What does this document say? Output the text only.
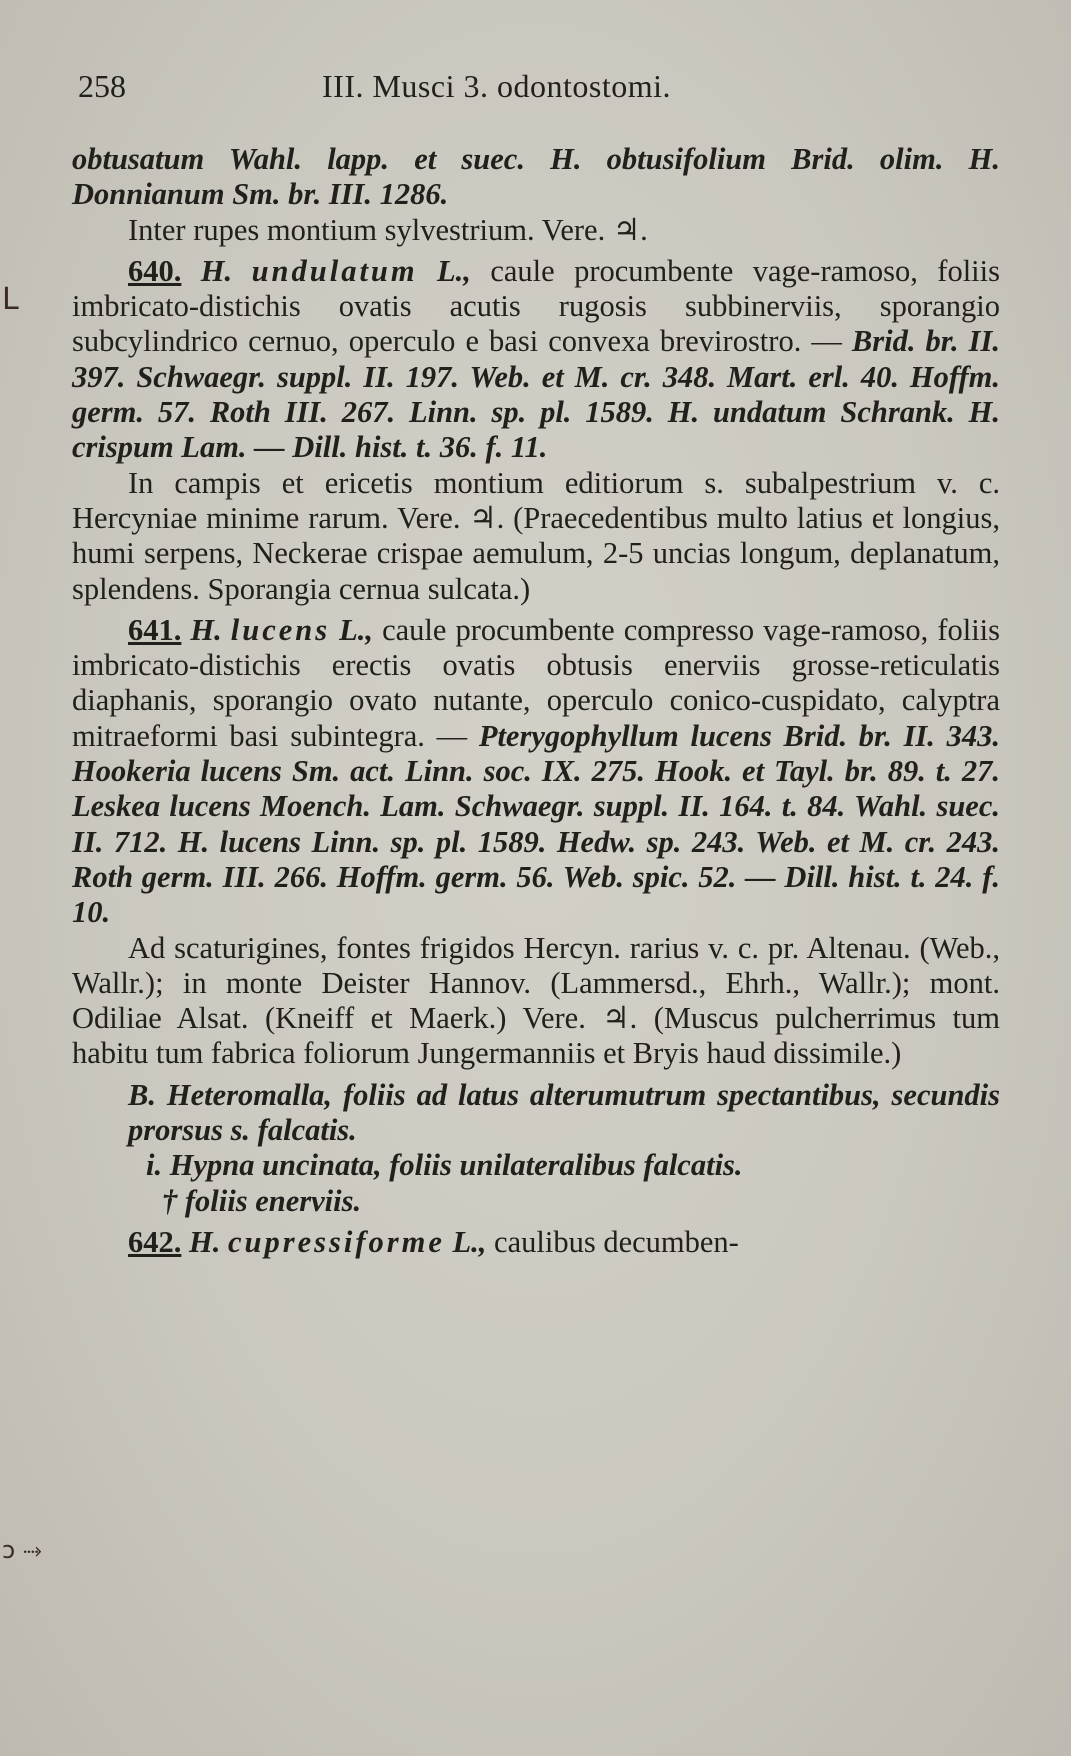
L
ɔ ⤑
258	III. Musci 3. odontostomi.

obtusatum Wahl. lapp. et suec. H. obtusifolium Brid. olim. H. Donnianum Sm. br. III. 1286.

Inter rupes montium sylvestrium. Vere. ♃.

640. H. undulatum L., caule procumbente vage-ramoso, foliis imbricato-distichis ovatis acutis rugosis subbinerviis, sporangio subcylindrico cernuo, operculo e basi convexa brevirostro. — Brid. br. II. 397. Schwaegr. suppl. II. 197. Web. et M. cr. 348. Mart. erl. 40. Hoffm. germ. 57. Roth III. 267. Linn. sp. pl. 1589. H. undatum Schrank. H. crispum Lam. — Dill. hist. t. 36. f. 11.

In campis et ericetis montium editiorum s. subalpestrium v. c. Hercyniae minime rarum. Vere. ♃. (Praecedentibus multo latius et longius, humi serpens, Neckerae crispae aemulum, 2-5 uncias longum, deplanatum, splendens. Sporangia cernua sulcata.)

641. H. lucens L., caule procumbente compresso vage-ramoso, foliis imbricato-distichis erectis ovatis obtusis enerviis grosse-reticulatis diaphanis, sporangio ovato nutante, operculo conico-cuspidato, calyptra mitraeformi basi subintegra. — Pterygophyllum lucens Brid. br. II. 343. Hookeria lucens Sm. act. Linn. soc. IX. 275. Hook. et Tayl. br. 89. t. 27. Leskea lucens Moench. Lam. Schwaegr. suppl. II. 164. t. 84. Wahl. suec. II. 712. H. lucens Linn. sp. pl. 1589. Hedw. sp. 243. Web. et M. cr. 243. Roth germ. III. 266. Hoffm. germ. 56. Web. spic. 52. — Dill. hist. t. 24. f. 10.

Ad scaturigines, fontes frigidos Hercyn. rarius v. c. pr. Altenau. (Web., Wallr.); in monte Deister Hannov. (Lammersd., Ehrh., Wallr.); mont. Odiliae Alsat. (Kneiff et Maerk.) Vere. ♃. (Muscus pulcherrimus tum habitu tum fabrica foliorum Jungermanniis et Bryis haud dissimile.)

B. Heteromalla, foliis ad latus alterumutrum spectantibus, secundis prorsus s. falcatis.

i. Hypna uncinata, foliis unilateralibus falcatis.

† foliis enerviis.

642. H. cupressiforme L., caulibus decumben-
